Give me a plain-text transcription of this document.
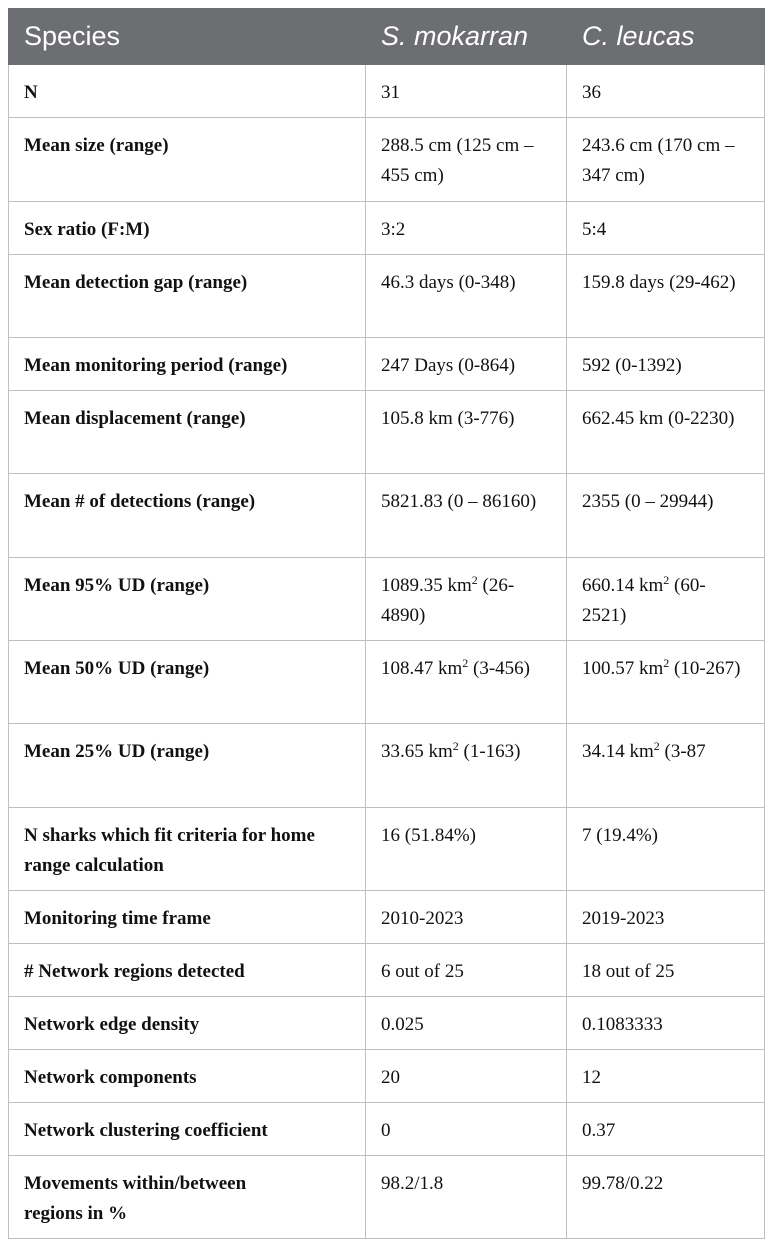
Species	S. mokarran	C. leucas
N	31	36
Mean size (range)	288.5 cm (125 cm – 455 cm)	243.6 cm (170 cm – 347 cm)
Sex ratio (F:M)	3:2	5:4
Mean detection gap (range)	46.3 days (0-348)	159.8 days (29-462)
Mean monitoring period (range)	247 Days (0-864)	592 (0-1392)
Mean displacement (range)	105.8 km (3-776)	662.45 km (0-2230)
Mean # of detections (range)	5821.83 (0 – 86160)	2355 (0 – 29944)
Mean 95% UD (range)	1089.35 $km^2$ (26-4890)	660.14 $km^2$ (60-2521)
Mean 50% UD (range)	108.47 $km^2$ (3-456)	100.57 $km^2$ (10-267)
Mean 25% UD (range)	33.65 $km^2$ (1-163)	34.14 $km^2$ (3-87
N sharks which fit criteria for home range calculation	16 (51.84%)	7 (19.4%)
Monitoring time frame	2010-2023	2019-2023
# Network regions detected	6 out of 25	18 out of 25
Network edge density	0.025	0.1083333
Network components	20	12
Network clustering coefficient	0	0.37
Movements within/between regions in %	98.2/1.8	99.78/0.22
